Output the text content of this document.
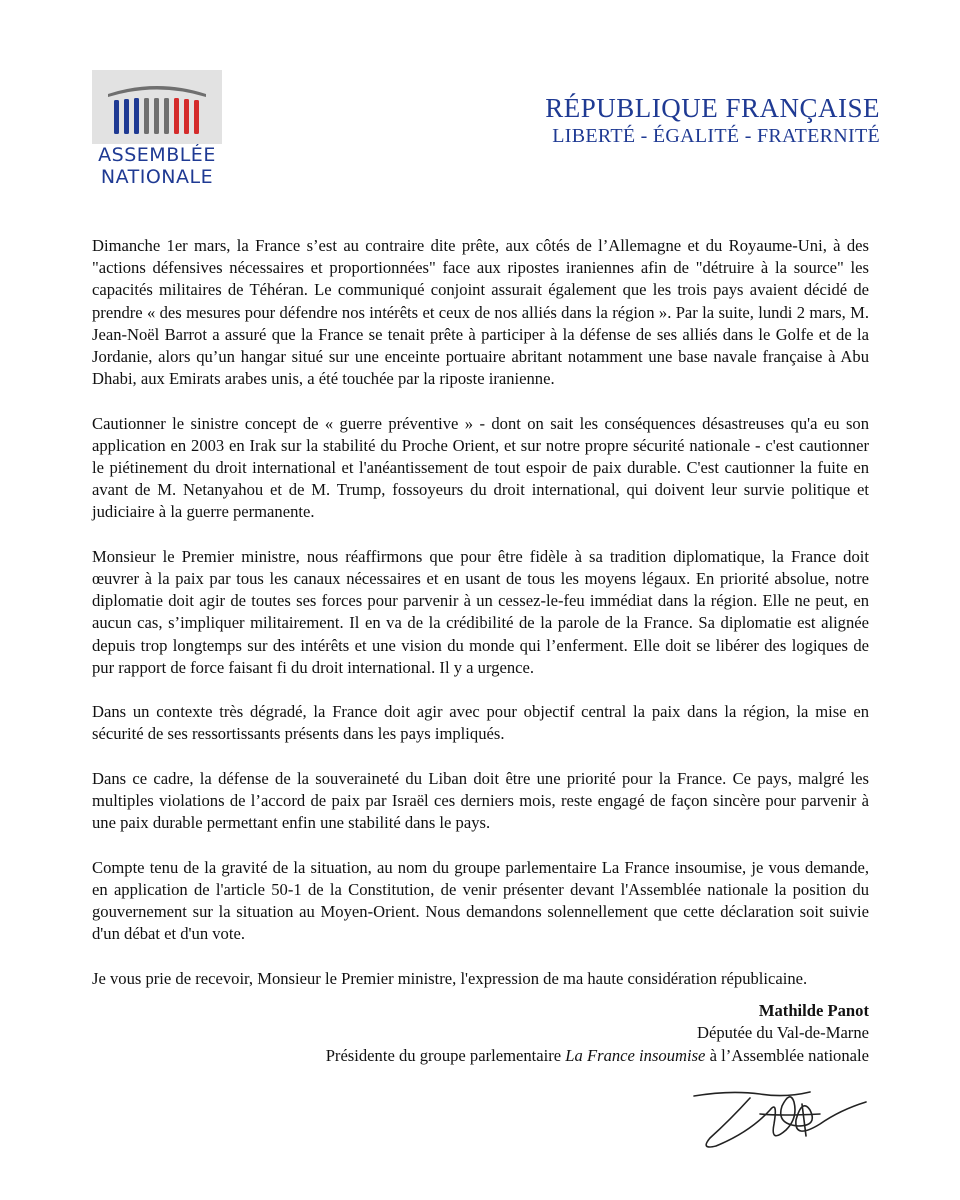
ASSEMBLÉE
NATIONALE
RÉPUBLIQUE FRANÇAISE
LIBERTÉ - ÉGALITÉ - FRATERNITÉ

Dimanche 1er mars, la France s’est au contraire dite prête, aux côtés de l’Allemagne et du Royaume-Uni, à des "actions défensives nécessaires et proportionnées" face aux ripostes iraniennes afin de "détruire à la source" les capacités militaires de Téhéran. Le communiqué conjoint assurait également que les trois pays avaient décidé de prendre « des mesures pour défendre nos intérêts et ceux de nos alliés dans la région ». Par la suite, lundi 2 mars, M. Jean-Noël Barrot a assuré que la France se tenait prête à participer à la défense de ses alliés dans le Golfe et de la Jordanie, alors qu’un hangar situé sur une enceinte portuaire abritant notamment une base navale française à Abu Dhabi, aux Emirats arabes unis, a été touchée par la riposte iranienne.

Cautionner le sinistre concept de « guerre préventive » - dont on sait les conséquences désastreuses qu'a eu son application en 2003 en Irak sur la stabilité du Proche Orient, et sur notre propre sécurité nationale - c'est cautionner le piétinement du droit international et l'anéantissement de tout espoir de paix durable. C'est cautionner la fuite en avant de M. Netanyahou et de M. Trump, fossoyeurs du droit international, qui doivent leur survie politique et judiciaire à la guerre permanente.

Monsieur le Premier ministre, nous réaffirmons que pour être fidèle à sa tradition diplomatique, la France doit œuvrer à la paix par tous les canaux nécessaires et en usant de tous les moyens légaux. En priorité absolue, notre diplomatie doit agir de toutes ses forces pour parvenir à un cessez-le-feu immédiat dans la région. Elle ne peut, en aucun cas, s’impliquer militairement. Il en va de la crédibilité de la parole de la France. Sa diplomatie est alignée depuis trop longtemps sur des intérêts et une vision du monde qui l’enferment. Elle doit se libérer des logiques de pur rapport de force faisant fi du droit international. Il y a urgence.

Dans un contexte très dégradé, la France doit agir avec pour objectif central la paix dans la région, la mise en sécurité de ses ressortissants présents dans les pays impliqués.

Dans ce cadre, la défense de la souveraineté du Liban doit être une priorité pour la France. Ce pays, malgré les multiples violations de l’accord de paix par Israël ces derniers mois, reste engagé de façon sincère pour parvenir à une paix durable permettant enfin une stabilité dans le pays.

Compte tenu de la gravité de la situation, au nom du groupe parlementaire La France insoumise, je vous demande, en application de l'article 50-1 de la Constitution, de venir présenter devant l'Assemblée nationale la position du gouvernement sur la situation au Moyen-Orient. Nous demandons solennellement que cette déclaration soit suivie d'un débat et d'un vote.

Je vous prie de recevoir, Monsieur le Premier ministre, l'expression de ma haute considération républicaine.

Mathilde Panot
Députée du Val-de-Marne
Présidente du groupe parlementaire La France insoumise à l’Assemblée nationale
